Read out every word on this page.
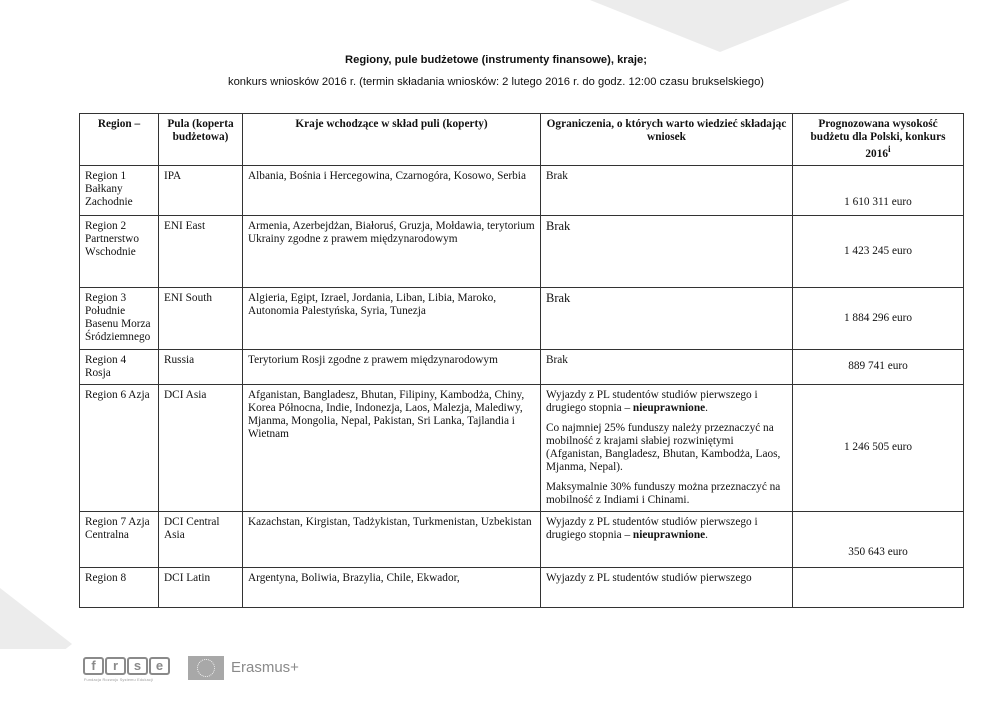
Regiony, pule budżetowe (instrumenty finansowe), kraje;
konkurs wniosków 2016 r. (termin składania wniosków: 2 lutego 2016 r. do godz. 12:00 czasu brukselskiego)
Region –	Pula (koperta budżetowa)	Kraje wchodzące w skład puli (koperty)	Ograniczenia, o których warto wiedzieć składając wniosek	Prognozowana wysokość budżetu dla Polski, konkurs 2016$^i$
Region 1 Bałkany Zachodnie	IPA	Albania, Bośnia i Hercegowina, Czarnogóra, Kosowo, Serbia	Brak	1 610 311 euro
Region 2 Partnerstwo Wschodnie	ENI East	Armenia, Azerbejdżan, Białoruś, Gruzja, Mołdawia, terytorium Ukrainy zgodne z prawem międzynarodowym	Brak	1 423 245 euro
Region 3 Południe Basenu Morza Śródziemnego	ENI South	Algieria, Egipt, Izrael, Jordania, Liban, Libia, Maroko, Autonomia Palestyńska, Syria, Tunezja	Brak	1 884 296 euro
Region 4 Rosja	Russia	Terytorium Rosji zgodne z prawem międzynarodowym	Brak	889 741 euro
Region 6 Azja	DCI Asia	Afganistan, Bangladesz, Bhutan, Filipiny, Kambodża, Chiny, Korea Północna, Indie, Indonezja, Laos, Malezja, Malediwy, Mjanma, Mongolia, Nepal, Pakistan, Sri Lanka, Tajlandia i Wietnam	Wyjazdy z PL studentów studiów pierwszego i drugiego stopnia – nieuprawnione.

Co najmniej 25% funduszy należy przeznaczyć na mobilność z krajami słabiej rozwiniętymi (Afganistan, Bangladesz, Bhutan, Kambodża, Laos, Mjanma, Nepal).

Maksymalnie 30% funduszy można przeznaczyć na mobilność z Indiami i Chinami.	1 246 505 euro
Region 7 Azja Centralna	DCI Central Asia	Kazachstan, Kirgistan, Tadżykistan, Turkmenistan, Uzbekistan	Wyjazdy z PL studentów studiów pierwszego i drugiego stopnia – nieuprawnione.	350 643 euro
Region 8	DCI Latin	Argentyna, Boliwia, Brazylia, Chile, Ekwador,	Wyjazdy z PL studentów studiów pierwszego	
f	r	s	e
Fundacja Rozwoju Systemu Edukacji
Erasmus+
